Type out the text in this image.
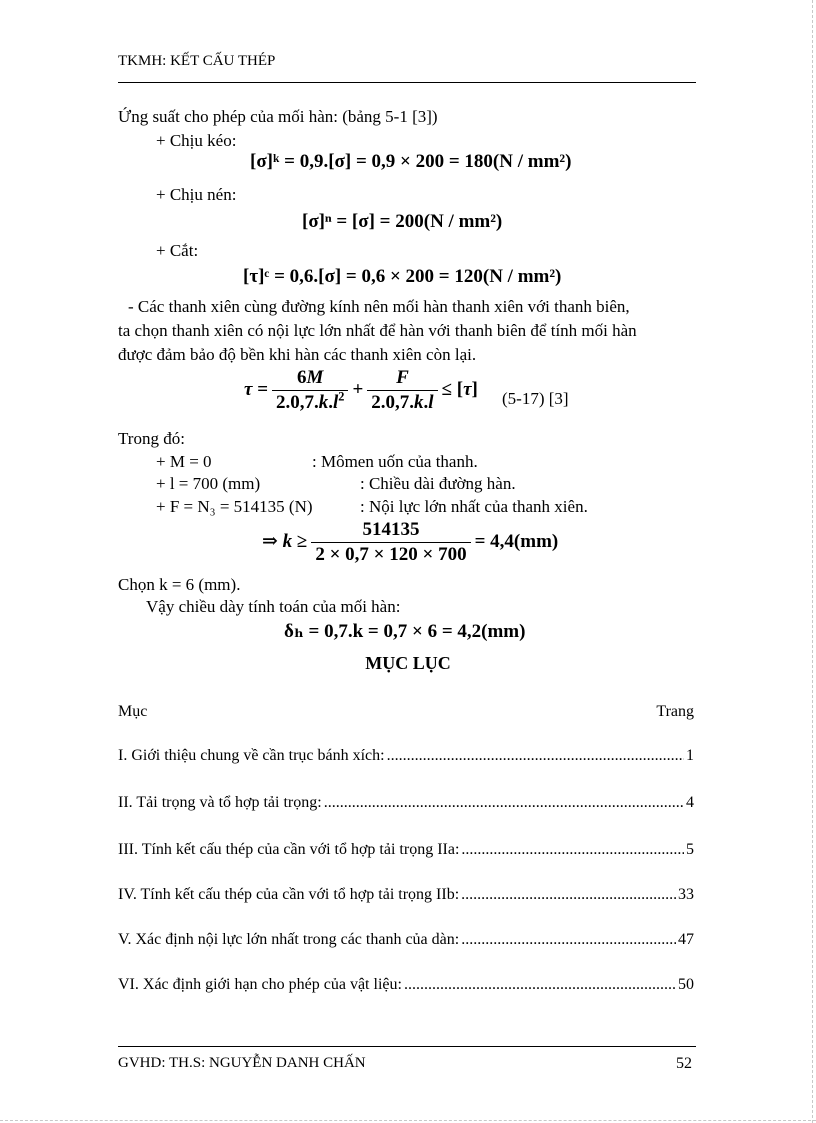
TKMH: KẾT CẤU THÉP
Ứng suất cho phép của mối hàn: (bảng 5-1 [3])
+ Chịu kéo:
[σ]ᵏ = 0,9.[σ] = 0,9 × 200 = 180(N / mm²)
+ Chịu nén:
[σ]ⁿ = [σ] = 200(N / mm²)
+ Cắt:
[τ]ᶜ = 0,6.[σ] = 0,6 × 200 = 120(N / mm²)
- Các thanh xiên cùng đường kính nên mối hàn thanh xiên với thanh biên,
ta chọn thanh xiên có nội lực lớn nhất để hàn với thanh biên để tính mối hàn
được đảm bảo độ bền khi hàn các thanh xiên còn lại.
$\tau = \frac{6M}{2.0,7.k.l^2} + \frac{F}{2.0,7.k.l}$ ≤ [ τ ] (5-17) [3]
Trong đó:
+ M = 0	: Mômen uốn của thanh.
+ l = 700 (mm)	: Chiều dài đường hàn.
+ F = N₃ = 514135 (N)	: Nội lực lớn nhất của thanh xiên.
⇒ $k \ge \frac{514135}{2 \times 0,7 \times 120 \times 700} = 4,4(mm)$
Chọn k = 6 (mm).
Vậy chiều dày tính toán của mối hàn:
δₕ = 0,7.k = 0,7 × 6 = 4,2(mm)
MỤC LỤC
Mục	Trang
I. Giới thiệu chung về cần trục bánh xích: .....	1
II. Tải trọng và tổ hợp tải trọng: .....	4
III. Tính kết cấu thép của cần với tổ hợp tải trọng IIa: .....	5
IV. Tính kết cấu thép của cần với tổ hợp tải trọng IIb: .....	33
V. Xác định nội lực lớn nhất trong các thanh của dàn: .....	47
VI. Xác định giới hạn cho phép của vật liệu: .....	50
GVHD: TH.S: NGUYỄN DANH CHẤN	52
